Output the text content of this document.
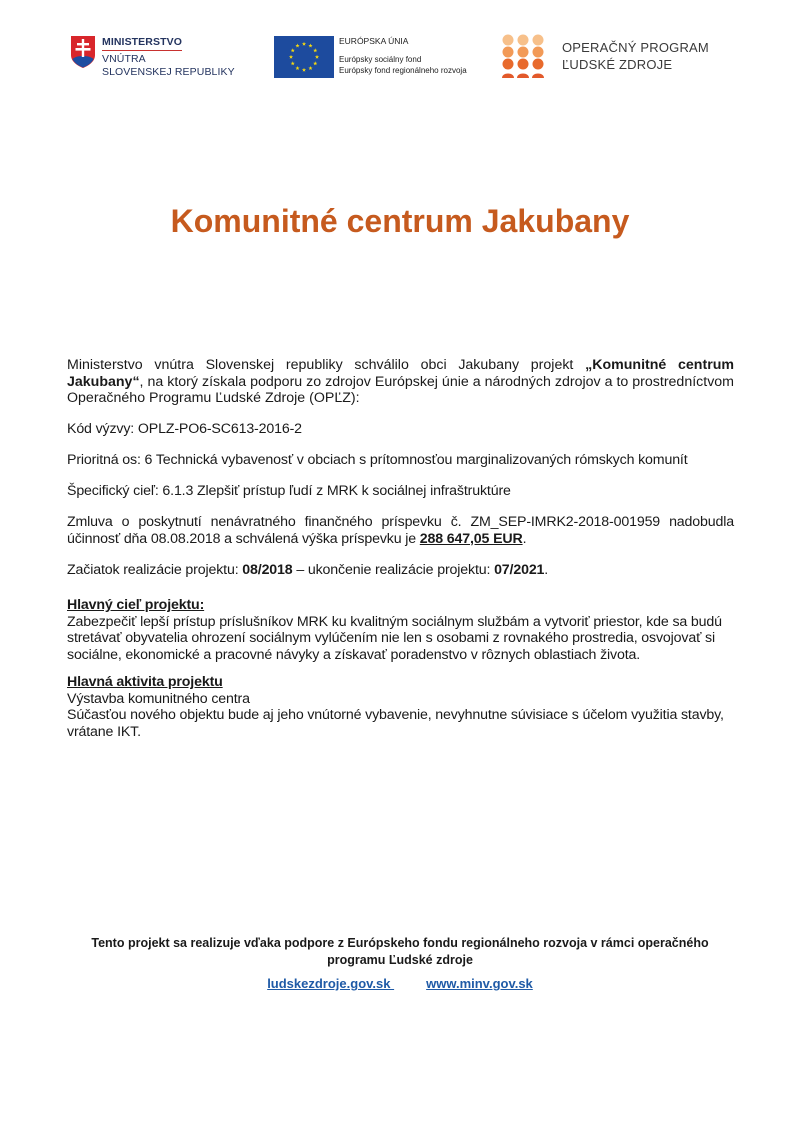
MINISTERSTVO
VNÚTRA
SLOVENSKEJ REPUBLIKY
EURÓPSKA ÚNIA
Európsky sociálny fond
Európsky fond regionálneho rozvoja
OPERAČNÝ PROGRAM
ĽUDSKÉ ZDROJE
Komunitné centrum Jakubany

Ministerstvo vnútra Slovenskej republiky schválilo obci Jakubany projekt „Komunitné centrum Jakubany“, na ktorý získala podporu zo zdrojov Európskej únie a národných zdrojov a to prostredníctvom Operačného Programu Ľudské Zdroje (OPĽZ):

Kód výzvy: OPLZ-PO6-SC613-2016-2

Prioritná os: 6 Technická vybavenosť v obciach s prítomnosťou marginalizovaných rómskych komunít

Špecifický cieľ: 6.1.3 Zlepšiť prístup ľudí z MRK k sociálnej infraštruktúre

Zmluva o poskytnutí nenávratného finančného príspevku č. ZM_SEP-IMRK2-2018-001959 nadobudla účinnosť dňa 08.08.2018 a schválená výška príspevku je 288 647,05 EUR.

Začiatok realizácie projektu: 08/2018 – ukončenie realizácie projektu: 07/2021.

Hlavný cieľ projektu:

Zabezpečiť lepší prístup príslušníkov MRK ku kvalitným sociálnym službám a vytvoriť priestor, kde sa budú stretávať obyvatelia ohrození sociálnym vylúčením nie len s osobami z rovnakého prostredia, osvojovať si sociálne, ekonomické a pracovné návyky a získavať poradenstvo v rôznych oblastiach života.

Hlavná aktivita projektu

Výstavba komunitného centra

Súčasťou nového objektu bude aj jeho vnútorné vybavenie, nevyhnutne súvisiace s účelom využitia stavby, vrátane IKT.

Tento projekt sa realizuje vďaka podpore z Európskeho fondu regionálneho rozvoja v rámci operačného
programu Ľudské zdroje
ludskezdroje.gov.sk www.minv.gov.sk
